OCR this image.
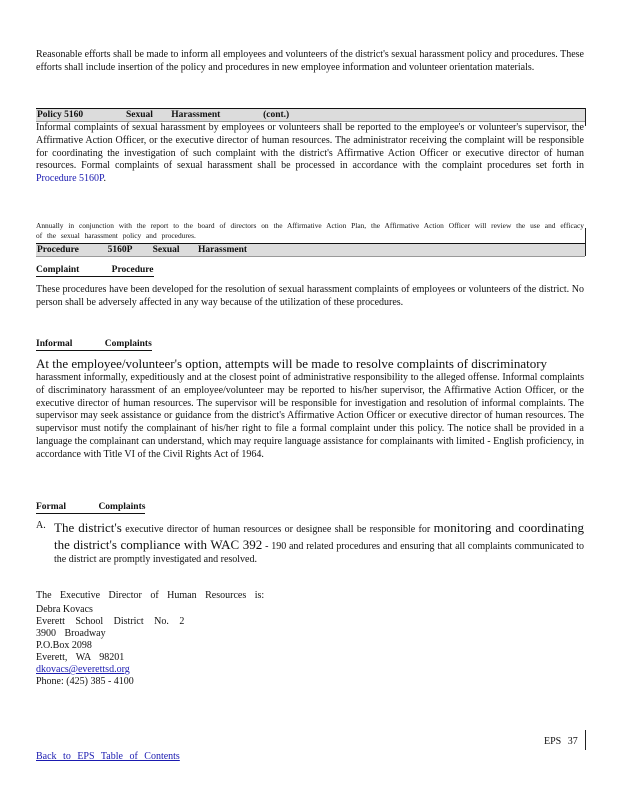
Reasonable efforts shall be made to inform all employees and volunteers of the district's sexual harassment policy and procedures. These efforts shall include insertion of the policy and procedures in new employee information and volunteer orientation materials.

Policy 5160	Sexual Harassment	(cont.)

Informal complaints of sexual harassment by employees or volunteers shall be reported to the employee's or volunteer's supervisor, the Affirmative Action Officer, or the executive director of human resources. The administrator receiving the complaint will be responsible for coordinating the investigation of such complaint with the district's Affirmative Action Officer or executive director of human resources. Formal complaints of sexual harassment shall be processed in accordance with the complaint procedures set forth in Procedure 5160P.

Annually in conjunction with the report to the board of directors on the Affirmative Action Plan, the Affirmative Action Officer will review the use and efficacy of the sexual harassment policy and procedures.

Procedure	5160P Sexual Harassment
Complaint Procedure

These procedures have been developed for the resolution of sexual harassment complaints of employees or volunteers of the district. No person shall be adversely affected in any way because of the utilization of these procedures.

Informal Complaints
At the employee/volunteer's option, attempts will be made to resolve complaints of discriminatory

harassment informally, expeditiously and at the closest point of administrative responsibility to the alleged offense. Informal complaints of discriminatory harassment of an employee/volunteer may be reported to his/her supervisor, the Affirmative Action Officer, or the executive director of human resources. The supervisor will be responsible for investigation and resolution of informal complaints. The supervisor may seek assistance or guidance from the district's Affirmative Action Officer or executive director of human resources. The supervisor must notify the complainant of his/her right to file a formal complaint under this policy. The notice shall be provided in a language the complainant can understand, which may require language assistance for complainants with limited - English proficiency, in accordance with Title VI of the Civil Rights Act of 1964.

Formal Complaints
A. The district's executive director of human resources or designee shall be responsible for monitoring and coordinating the district's compliance with WAC 392 - 190 and related procedures and ensuring that all complaints communicated to the district are promptly investigated and resolved.
The Executive Director of Human Resources is:
Debra Kovacs
Everett School District No. 2
3900 Broadway
P.O.Box 2098
Everett, WA 98201
dkovacs@everettsd.org
Phone: (425) 385 - 4100
EPS 37
Back to EPS Table of Contents
